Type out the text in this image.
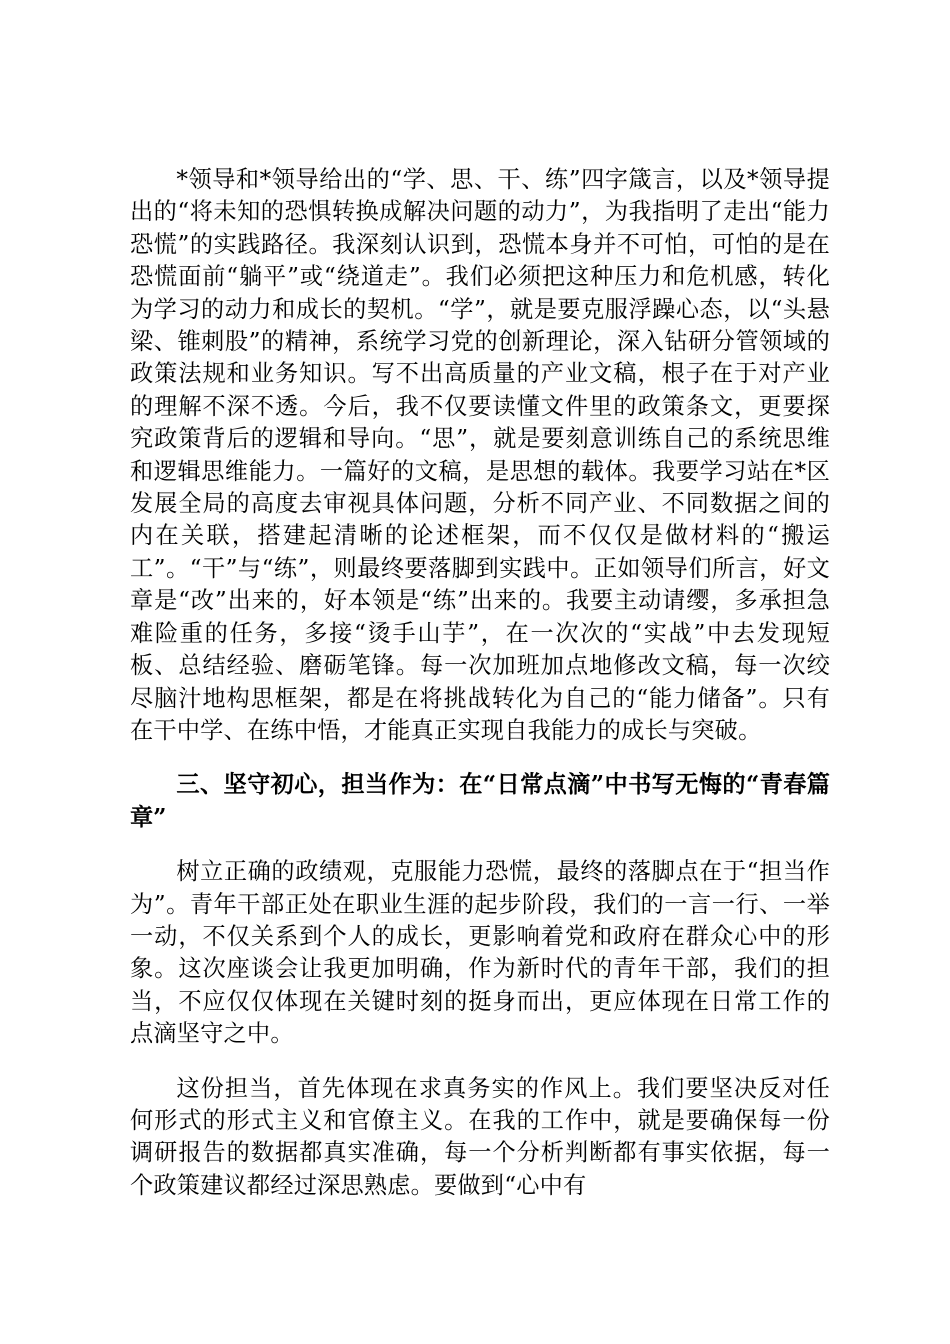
*领导和*领导给出的“学、思、干、练”四字箴言，以及*领导提出的“将未知的恐惧转换成解决问题的动力”，为我指明了走出“能力恐慌”的实践路径。我深刻认识到，恐慌本身并不可怕，可怕的是在恐慌面前“躺平”或“绕道走”。我们必须把这种压力和危机感，转化为学习的动力和成长的契机。“学”，就是要克服浮躁心态，以“头悬梁、锥刺股”的精神，系统学习党的创新理论，深入钻研分管领域的政策法规和业务知识。写不出高质量的产业文稿，根子在于对产业的理解不深不透。今后，我不仅要读懂文件里的政策条文，更要探究政策背后的逻辑和导向。“思”，就是要刻意训练自己的系统思维和逻辑思维能力。一篇好的文稿，是思想的载体。我要学习站在*区发展全局的高度去审视具体问题，分析不同产业、不同数据之间的内在关联，搭建起清晰的论述框架，而不仅仅是做材料的“搬运工”。“干”与“练”，则最终要落脚到实践中。正如领导们所言，好文章是“改”出来的，好本领是“练”出来的。我要主动请缨，多承担急难险重的任务，多接“烫手山芋”，在一次次的“实战”中去发现短板、总结经验、磨砺笔锋。每一次加班加点地修改文稿，每一次绞尽脑汁地构思框架，都是在将挑战转化为自己的“能力储备”。只有在干中学、在练中悟，才能真正实现自我能力的成长与突破。

三、坚守初心，担当作为：在“日常点滴”中书写无悔的“青春篇章”

树立正确的政绩观，克服能力恐慌，最终的落脚点在于“担当作为”。青年干部正处在职业生涯的起步阶段，我们的一言一行、一举一动，不仅关系到个人的成长，更影响着党和政府在群众心中的形象。这次座谈会让我更加明确，作为新时代的青年干部，我们的担当，不应仅仅体现在关键时刻的挺身而出，更应体现在日常工作的点滴坚守之中。

这份担当，首先体现在求真务实的作风上。我们要坚决反对任何形式的形式主义和官僚主义。在我的工作中，就是要确保每一份调研报告的数据都真实准确，每一个分析判断都有事实依据，每一个政策建议都经过深思熟虑。要做到“心中有
